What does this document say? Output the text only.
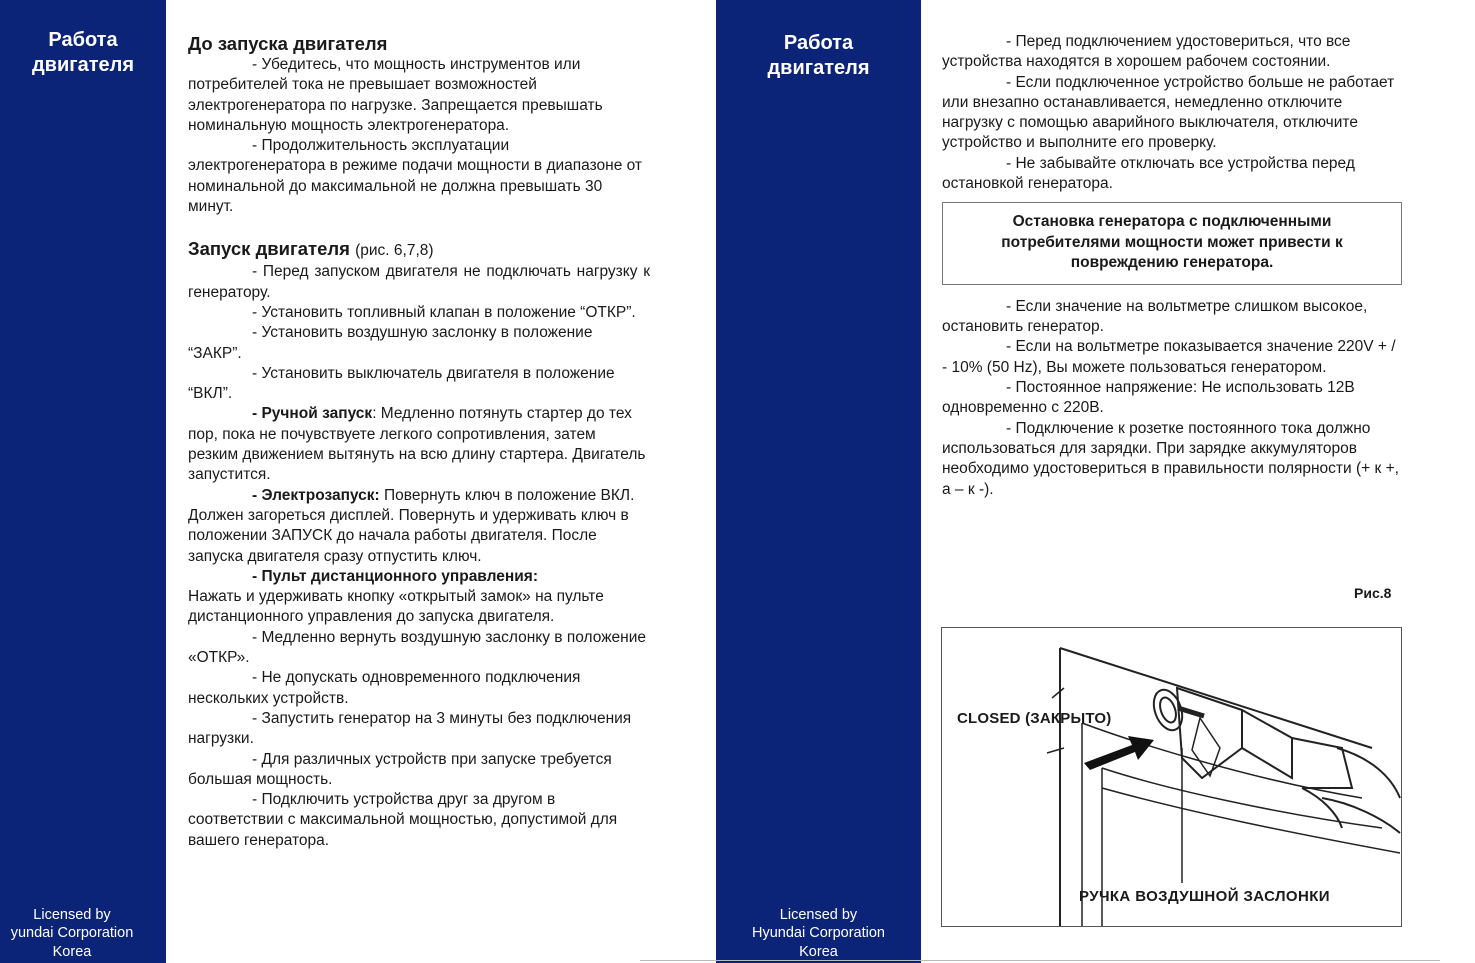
Работа
двигателя
Licensed by
yundai Corporation
Korea
Работа
двигателя
Licensed by
Hyundai Corporation
Korea

До запуска двигателя

- Убедитесь, что мощность инструментов или потребителей тока не превышает возможностей электрогенератора по нагрузке. Запрещается превышать номинальную мощность электрогенератора.

- Продолжительность эксплуатации электрогенератора в режиме подачи мощности в диапазоне от номинальной до максимальной не должна превышать 30 минут.

Запуск двигателя (рис. 6,7,8)

- Перед запуском двигателя не подключать нагрузку к генератору.

- Установить топливный клапан в положение “ОТКР”.

- Установить воздушную заслонку в положение “ЗАКР”.

- Установить выключатель двигателя в положение “ВКЛ”.

- Ручной запуск: Медленно потянуть стартер до тех пор, пока не почувствуете легкого сопротивления, затем резким движением вытянуть на всю длину стартера. Двигатель запустится.

- Электрозапуск: Повернуть ключ в положение ВКЛ. Должен загореться дисплей. Повернуть и удерживать ключ в положении ЗАПУСК до начала работы двигателя. После запуска двигателя сразу отпустить ключ.

- Пульт дистанционного управления:
Нажать и удерживать кнопку «открытый замок» на пульте дистанционного управления до запуска двигателя.

- Медленно вернуть воздушную заслонку в положение «ОТКР».

- Не допускать одновременного подключения нескольких устройств.

- Запустить генератор на 3 минуты без подключения нагрузки.

- Для различных устройств при запуске требуется большая мощность.

- Подключить устройства друг за другом в соответствии с максимальной мощностью, допустимой для вашего генератора.

- Перед подключением удостовериться, что все устройства находятся в хорошем рабочем состоянии.

- Если подключенное устройство больше не работает или внезапно останавливается, немедленно отключите нагрузку с помощью аварийного выключателя, отключите устройство и выполните его проверку.

- Не забывайте отключать все устройства перед остановкой генератора.

Остановка генератора с подключенными потребителями мощности может привести к повреждению генератора.

- Если значение на вольтметре слишком высокое, остановить генератор.

- Если на вольтметре показывается значение 220V + / - 10% (50 Hz), Вы можете пользоваться генератором.

- Постоянное напряжение: Не использовать 12В одновременно с 220В.

- Подключение к розетке постоянного тока должно использоваться для зарядки. При зарядке аккумуляторов необходимо удостовериться в правильности полярности (+ к +, а – к -).

Рис.8
CLOSED (ЗАКРЫТО)
РУЧКА ВОЗДУШНОЙ ЗАСЛОНКИ
